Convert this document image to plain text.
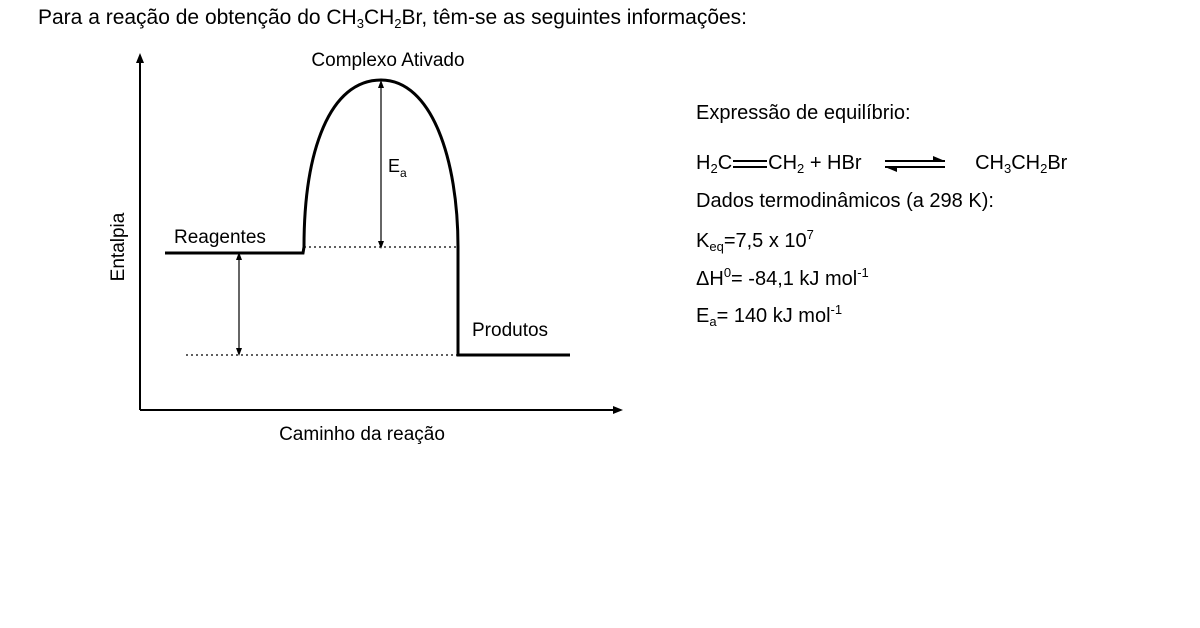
Para a reação de obtenção do $CH_3CH_2Br$, têm-se as seguintes informações:
Complexo Ativado
$E_a$
Reagentes
Produtos
Entalpia
Caminho da reação
Expressão de equilíbrio:
$H_2C$ $CH_2$ + HBr ⇌ $CH_3CH_2Br$
Dados termodinâmicos (a 298 K):
$K_{eq}=7,5$ x $10^7$
$\Delta H^0= -84,1$ kJ mol$^{-1}$
$E_a= 140$ kJ mol$^{-1}$
